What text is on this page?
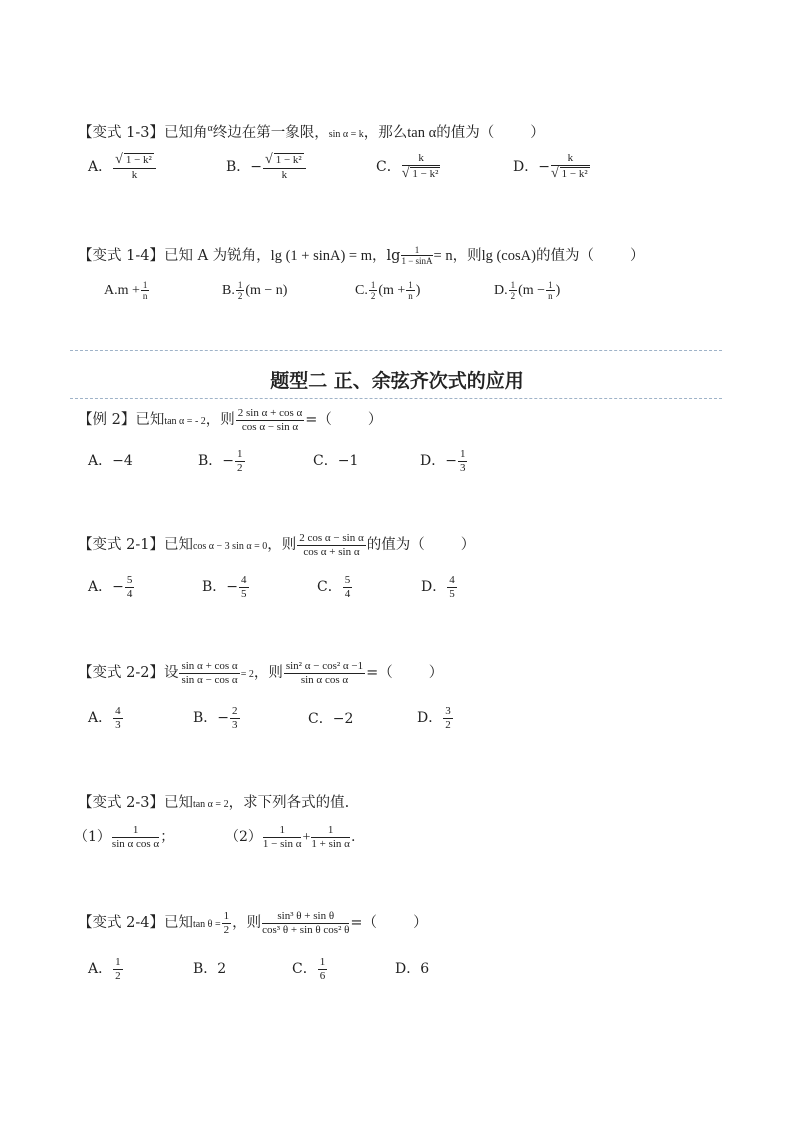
【变式 1-3】已知角$^\alpha$终边在第一象限，sin α = k，那么tan α的值为（ ）
A． $\frac{\text{√ 1 − k²}}{k}$	B．− $\frac{\text{√ 1 − k²}}{k}$	C． $\frac{k}{\text{√ 1 − k²}}$	D．− $\frac{k}{\text{√ 1 − k²}}$
【变式 1-4】已知 A 为锐角，lg (1 + sinA) = m，$\lg \frac{1}{1 - \sin A} = n$，则lg (cosA)的值为（ ）
$A.m + \frac{1}{n}$	B. $\frac{1}{2} (m - n)$	C. $\frac{1}{2} (m + \frac{1}{n}$ )	D. $\frac{1}{2} (m - \frac{1}{n}$ )
题型二 正、余弦齐次式的应用
【例 2】已知tan α = - 2，则 $\frac{\text{2 sin α + cos α}}{\text{cos α − sin α}}$ =（ ）
A．−4	B．− $\frac{1}{2}$	C．−1	D．− $\frac{1}{3}$
【变式 2-1】已知cos α − 3 sin α = 0，则 $\frac{\text{2 cos α − sin α}}{\text{cos α + sin α}}$ 的值为（ ）
A．− $\frac{5}{4}$	B．− $\frac{4}{5}$	C． $\frac{5}{4}$	D． $\frac{4}{5}$
【变式 2-2】设 $\frac{\text{sin α + cos α}}{\text{sin α − cos α}} = 2$，则 $\frac{\text{sin² α − cos² α −1}}{\text{sin α cos α}}$ =（ ）
A． $\frac{4}{3}$	B．− $\frac{2}{3}$	C．−2	D． $\frac{3}{2}$
【变式 2-3】已知tan α = 2，求下列各式的值.
$(1) \frac{1}{\text{sin α cos α}}$ ；	$(2) \frac{1}{\text{1 − sin α}} + \frac{1}{\text{1 + sin α}}$ .
【变式 2-4】已知$\tan \theta = \frac{1}{2}$ ，则 $\frac{\text{sin³ θ + sin θ}}{\text{cos³ θ + sin θ cos² θ}}$ =（ ）
A． $\frac{1}{2}$	B．2	C． $\frac{1}{6}$	D．6
